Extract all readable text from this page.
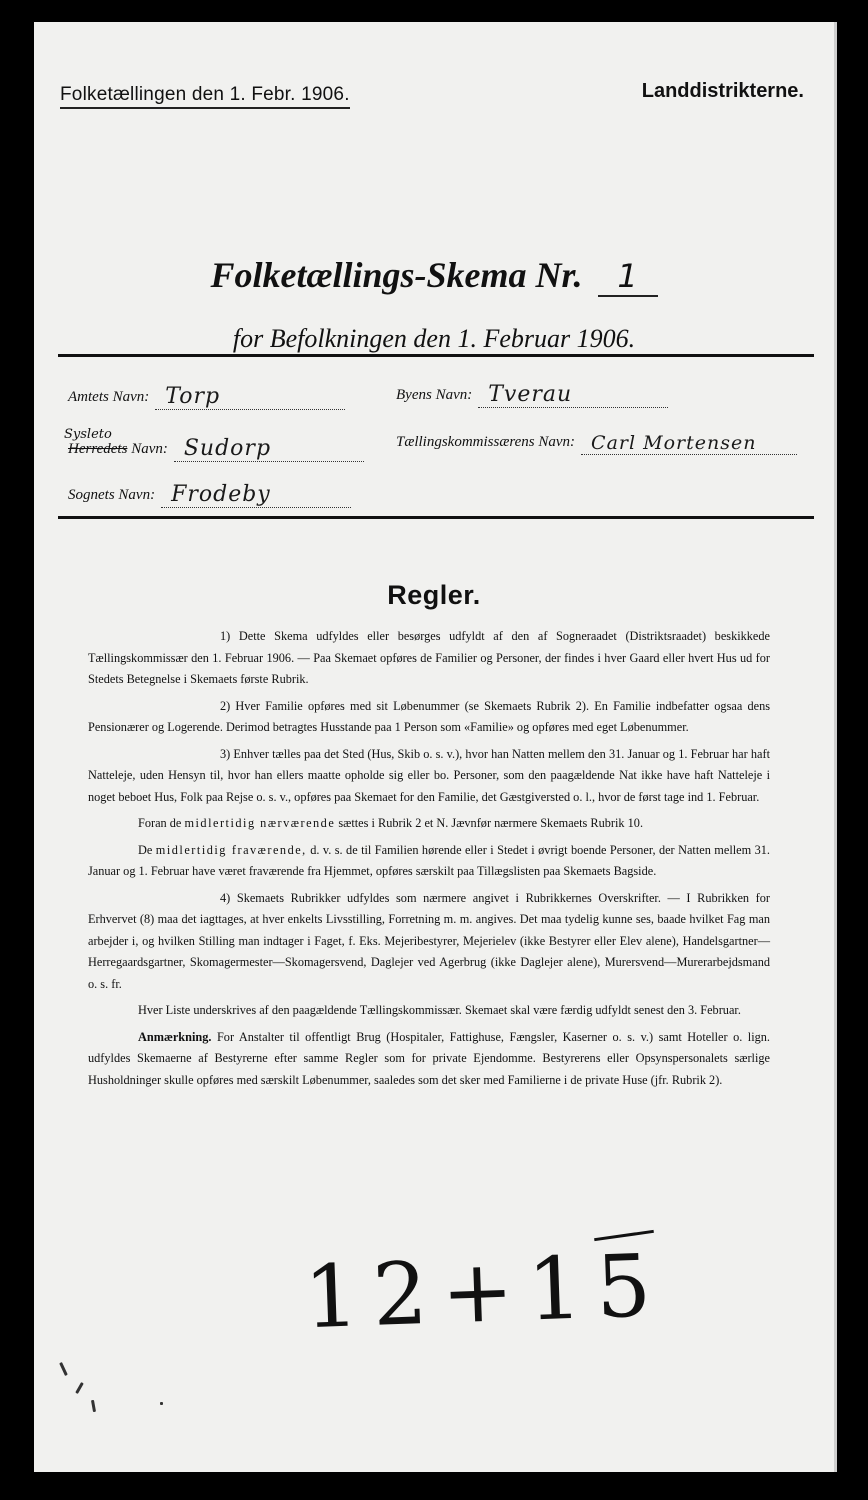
Folketællingen den 1. Febr. 1906.	Landdistrikterne.
Folketællings-Skema Nr. 1
for Befolkningen den 1. Februar 1906.
Amtets Navn: Torp	Byens Navn: Tverau
Sysleto
Herredets Navn: Sudorp	Tællingskommissærens Navn: Carl Mortensen
Sognets Navn: Frodeby
Regler.

1) Dette Skema udfyldes eller besørges udfyldt af den af Sogneraadet (Distriktsraadet) beskikkede Tællingskommissær den 1. Februar 1906. — Paa Skemaet opføres de Familier og Personer, der findes i hver Gaard eller hvert Hus ud for Stedets Betegnelse i Skemaets første Rubrik.

2) Hver Familie opføres med sit Løbenummer (se Skemaets Rubrik 2). En Familie indbefatter ogsaa dens Pensionærer og Logerende. Derimod betragtes Husstande paa 1 Person som «Familie» og opføres med eget Løbenummer.

3) Enhver tælles paa det Sted (Hus, Skib o. s. v.), hvor han Natten mellem den 31. Januar og 1. Februar har haft Natteleje, uden Hensyn til, hvor han ellers maatte opholde sig eller bo. Personer, som den paagældende Nat ikke have haft Natteleje i noget beboet Hus, Folk paa Rejse o. s. v., opføres paa Skemaet for den Familie, det Gæstgiversted o. l., hvor de først tage ind 1. Februar.

Foran de midlertidig nærværende sættes i Rubrik 2 et N. Jævnfør nærmere Skemaets Rubrik 10.

De midlertidig fraværende, d. v. s. de til Familien hørende eller i Stedet i øvrigt boende Personer, der Natten mellem 31. Januar og 1. Februar have været fraværende fra Hjemmet, opføres særskilt paa Tillægslisten paa Skemaets Bagside.

4) Skemaets Rubrikker udfyldes som nærmere angivet i Rubrikkernes Overskrifter. — I Rubrikken for Erhvervet (8) maa det iagttages, at hver enkelts Livsstilling, Forretning m. m. angives. Det maa tydelig kunne ses, baade hvilket Fag man arbejder i, og hvilken Stilling man indtager i Faget, f. Eks. Mejeribestyrer, Mejerielev (ikke Bestyrer eller Elev alene), Handelsgartner—Herregaardsgartner, Skomagermester—Skomagersvend, Daglejer ved Agerbrug (ikke Daglejer alene), Murersvend—Murerarbejdsmand o. s. fr.

Hver Liste underskrives af den paagældende Tællingskommissær. Skemaet skal være færdig udfyldt senest den 3. Februar.

Anmærkning. For Anstalter til offentligt Brug (Hospitaler, Fattighuse, Fængsler, Kaserner o. s. v.) samt Hoteller o. lign. udfyldes Skemaerne af Bestyrerne efter samme Regler som for private Ejendomme. Bestyrerens eller Opsynspersonalets særlige Husholdninger skulle opføres med særskilt Løbenummer, saaledes som det sker med Familierne i de private Huse (jfr. Rubrik 2).

12+15
